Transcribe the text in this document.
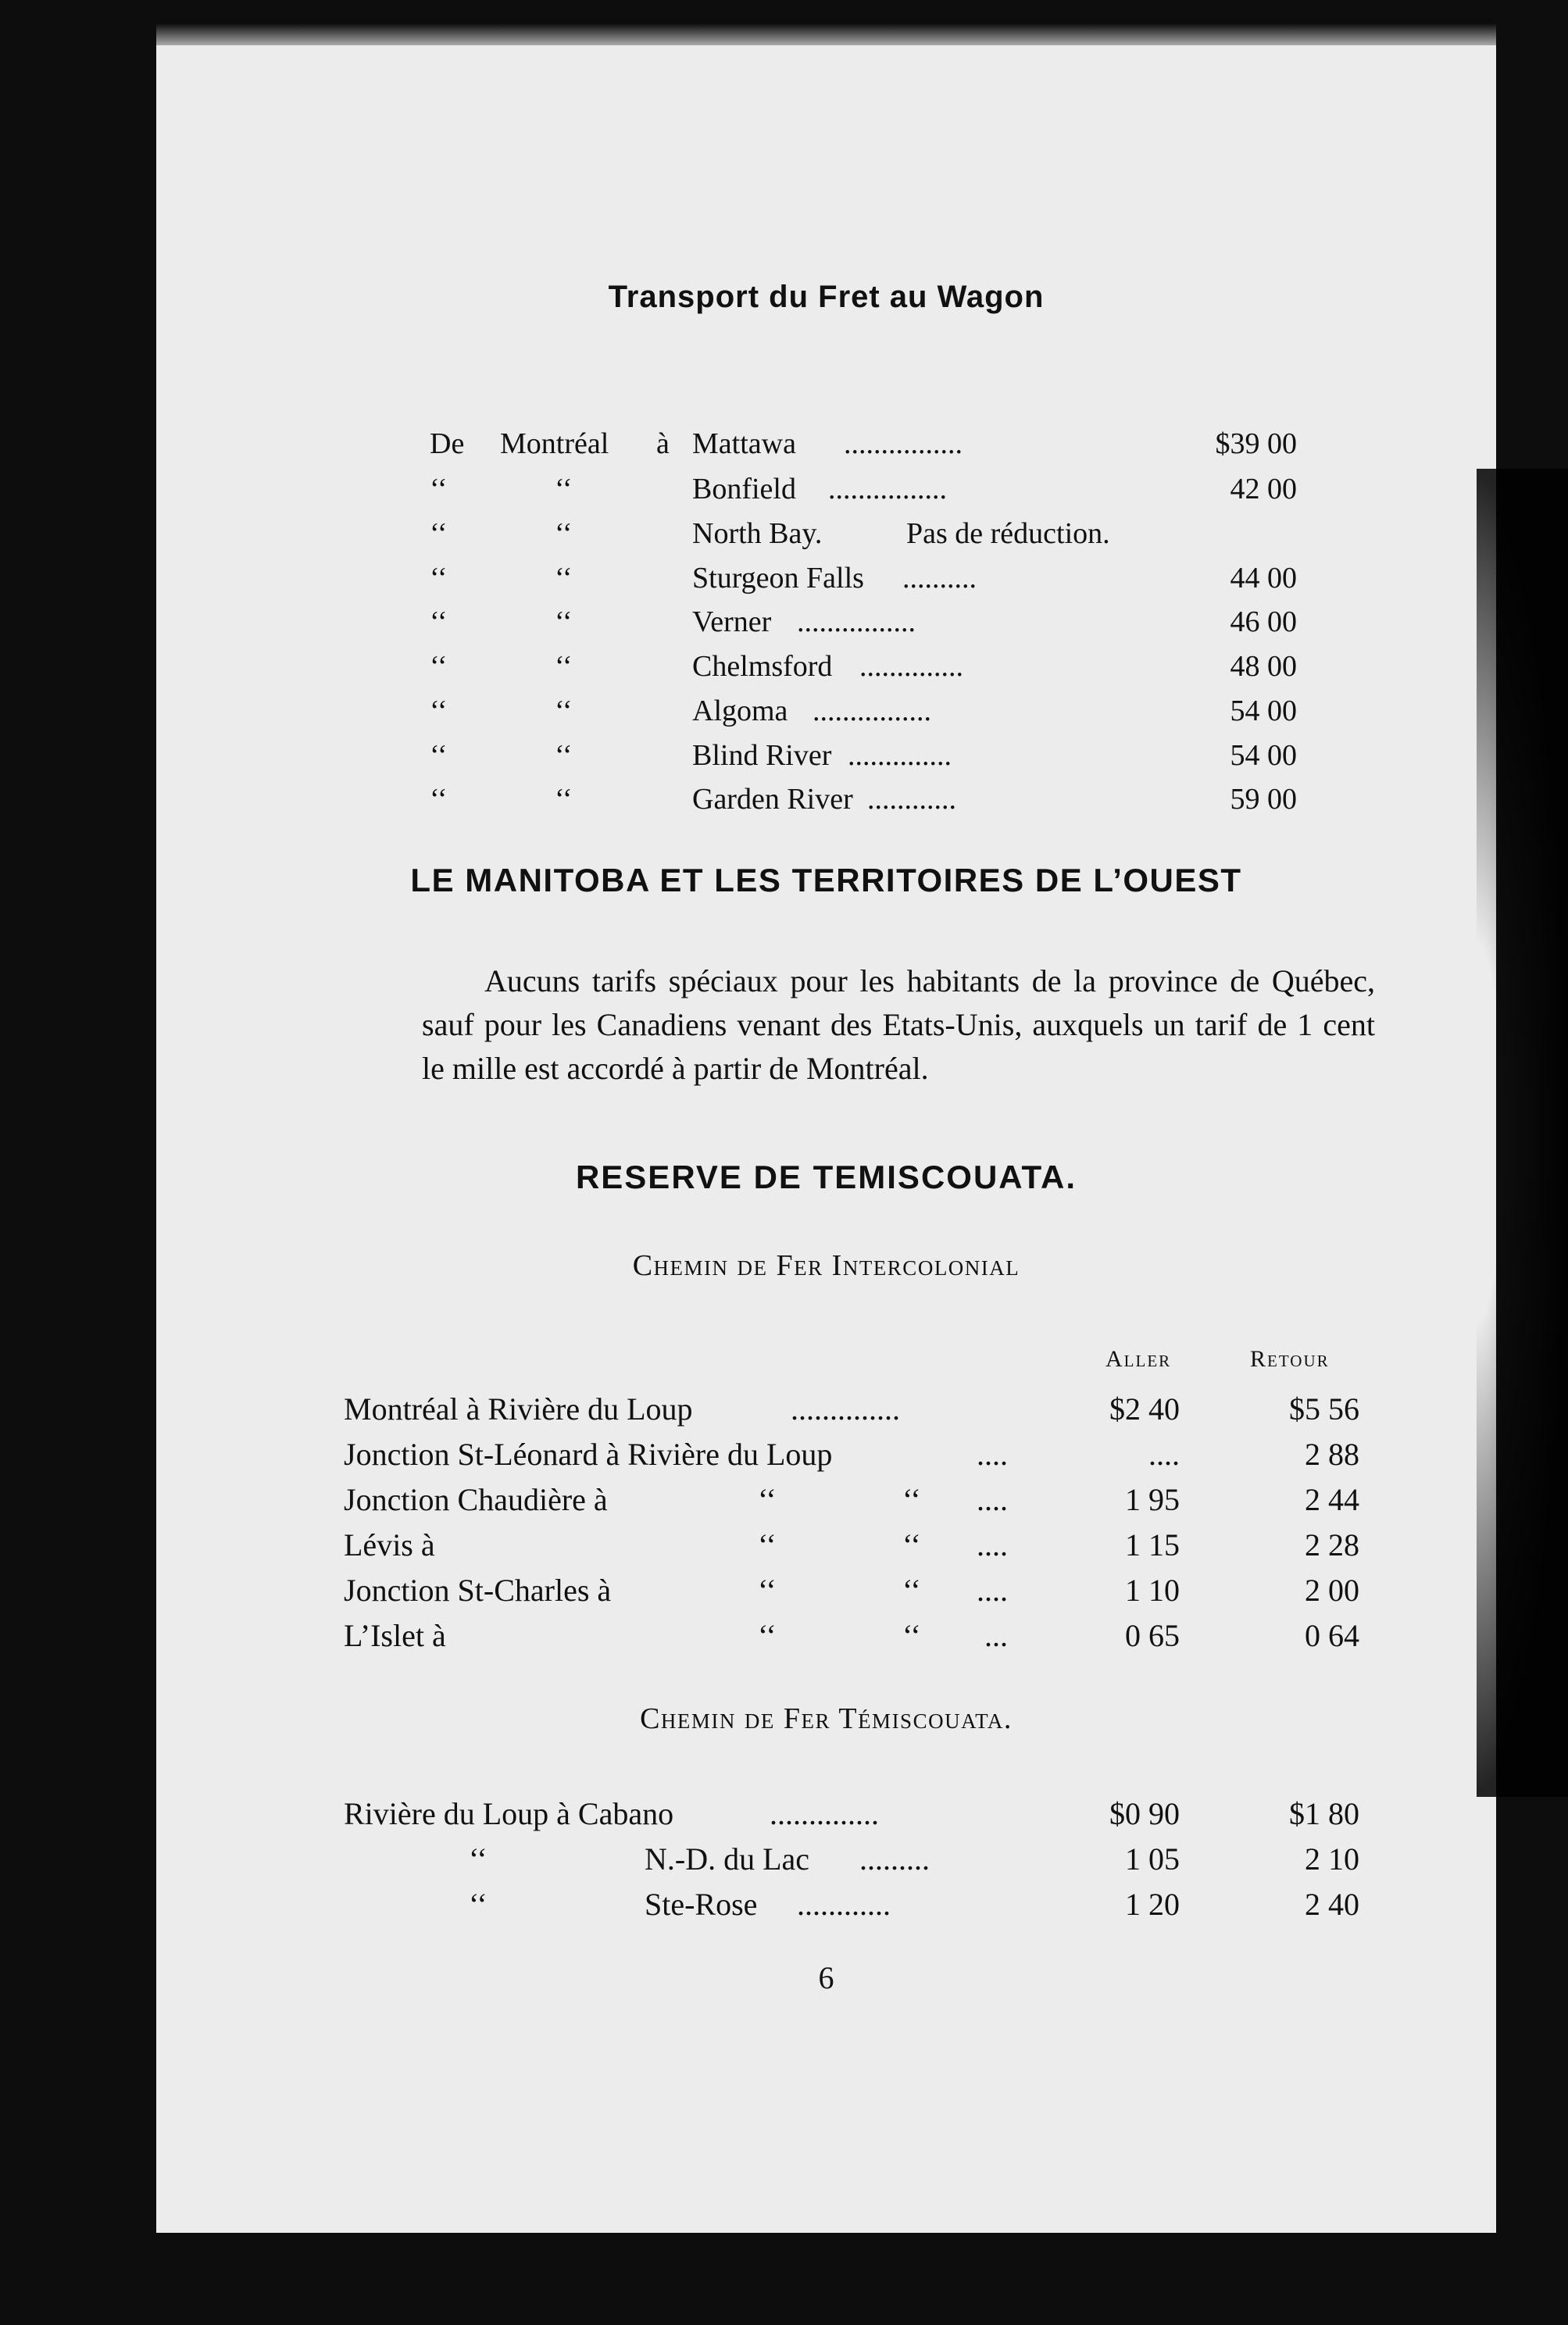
Transport du Fret au Wagon
De Montréal à Mattawa ................	$39 00
‘‘	‘‘	Bonfield ................	42 00
‘‘	‘‘	North Bay.	Pas de réduction.
‘‘	‘‘	Sturgeon Falls ..........	44 00
‘‘	‘‘	Verner ................	46 00
‘‘	‘‘	Chelmsford ..............	48 00
‘‘	‘‘	Algoma ................	54 00
‘‘	‘‘	Blind River ..............	54 00
‘‘	‘‘	Garden River ............	59 00
LE MANITOBA ET LES TERRITOIRES DE L’OUEST
Aucuns tarifs spéciaux pour les habitants de la province de Québec, sauf pour les Canadiens venant des Etats-Unis, auxquels un tarif de 1 cent le mille est accordé à partir de Montréal.
RESERVE DE TEMISCOUATA.
Chemin de Fer Intercolonial
Aller	Retour
Montréal à Rivière du Loup	..............	$2 40	$5 56
Jonction St-Léonard à Rivière du Loup	....	....	2 88
Jonction Chaudière à	‘‘	‘‘ ....	1 95	2 44
Lévis à	‘‘	‘‘ ....	1 15	2 28
Jonction St-Charles à	‘‘	‘‘ ....	1 10	2 00
L’Islet à	‘‘	‘‘ ...	0 65	0 64
Chemin de Fer Témiscouata.
Rivière du Loup à Cabano	..............	$0 90	$1 80
‘‘	N.-D. du Lac .........	1 05	2 10
‘‘	Ste-Rose ............	1 20	2 40
6
